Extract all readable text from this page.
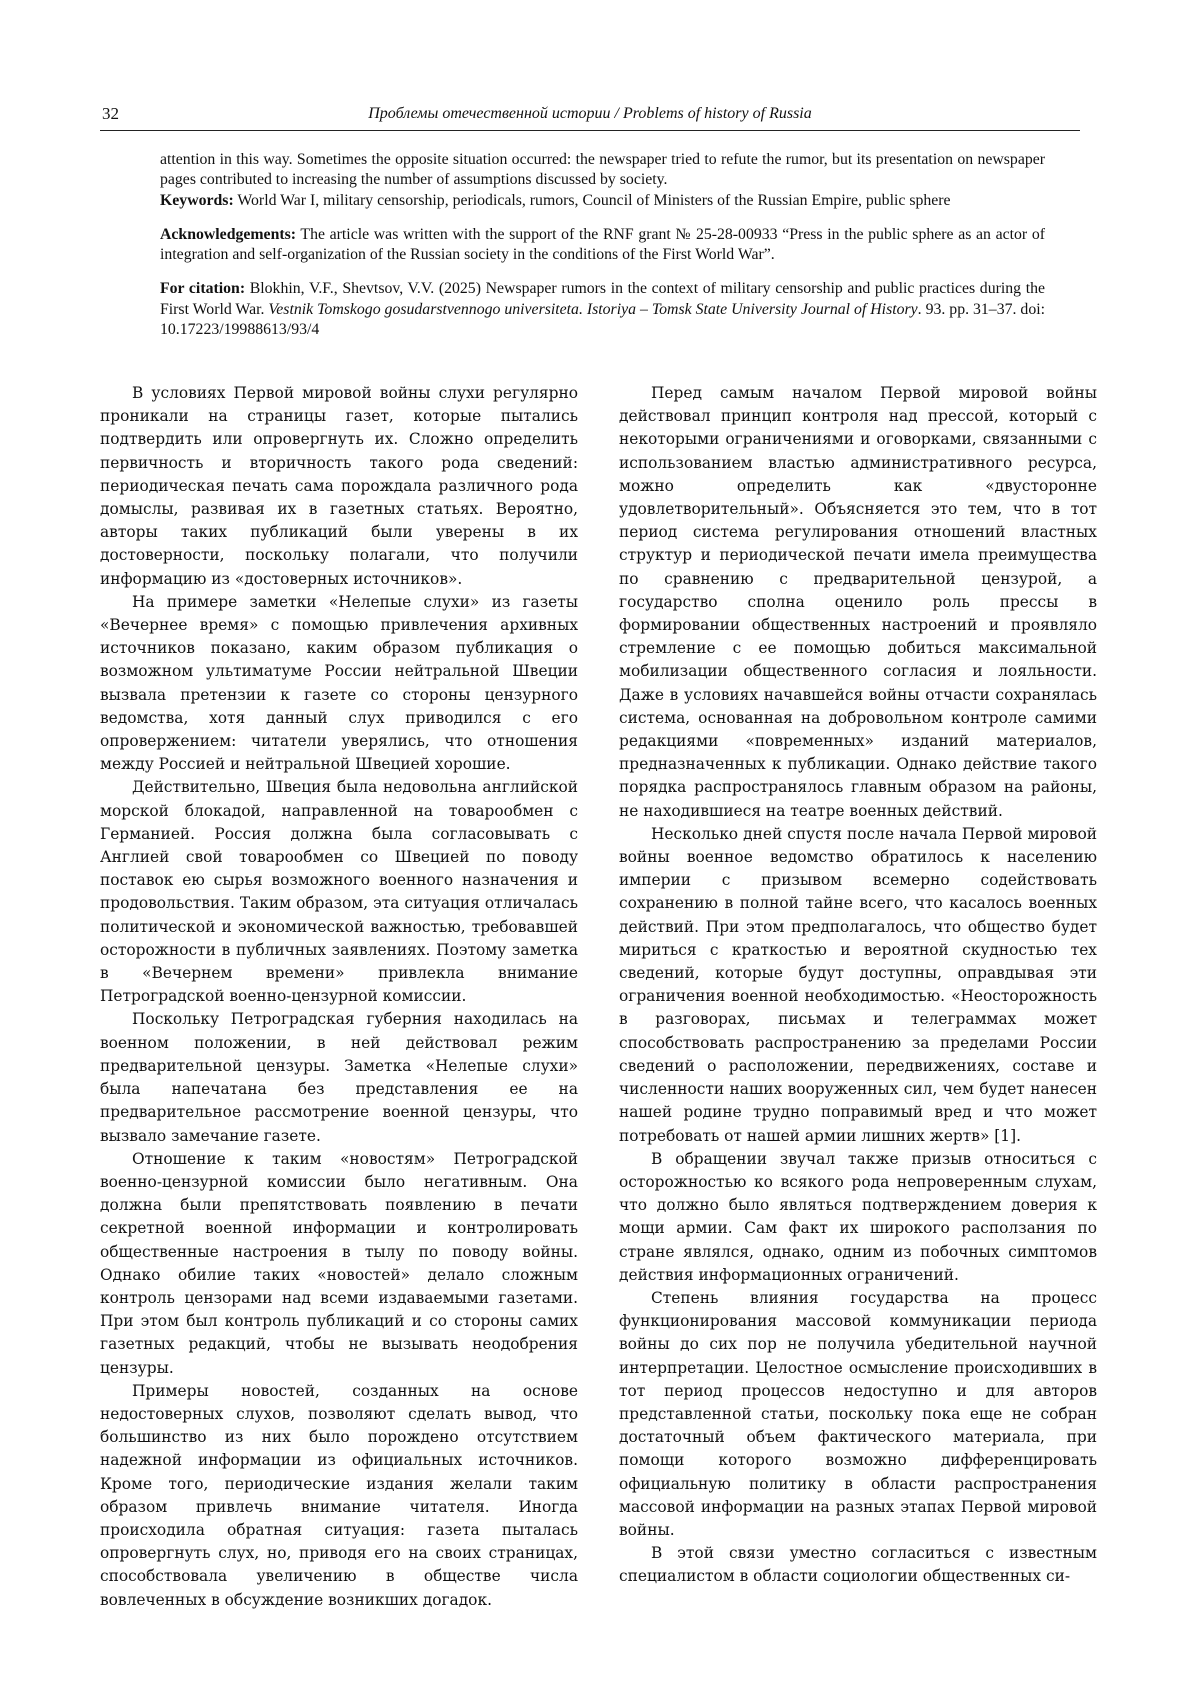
32	Проблемы отечественной истории / Problems of history of Russia

attention in this way. Sometimes the opposite situation occurred: the newspaper tried to refute the rumor, but its presentation on newspaper pages contributed to increasing the number of assumptions discussed by society.

Keywords: World War I, military censorship, periodicals, rumors, Council of Ministers of the Russian Empire, public sphere

Acknowledgements: The article was written with the support of the RNF grant № 25-28-00933 “Press in the public sphere as an actor of integration and self-organization of the Russian society in the conditions of the First World War”.

For citation: Blokhin, V.F., Shevtsov, V.V. (2025) Newspaper rumors in the context of military censorship and public practices during the First World War. Vestnik Tomskogo gosudarstvennogo universiteta. Istoriya – Tomsk State University Journal of History. 93. pp. 31–37. doi: 10.17223/19988613/93/4

В условиях Первой мировой войны слухи регулярно проникали на страницы газет, которые пытались подтвердить или опровергнуть их. Сложно определить первичность и вторичность такого рода сведений: периодическая печать сама порождала различного рода домыслы, развивая их в газетных статьях. Вероятно, авторы таких публикаций были уверены в их достоверности, поскольку полагали, что получили информацию из «достоверных источников».

На примере заметки «Нелепые слухи» из газеты «Вечернее время» с помощью привлечения архивных источников показано, каким образом публикация о возможном ультиматуме России нейтральной Швеции вызвала претензии к газете со стороны цензурного ведомства, хотя данный слух приводился с его опровержением: читатели уверялись, что отношения между Россией и нейтральной Швецией хорошие.

Действительно, Швеция была недовольна английской морской блокадой, направленной на товарообмен с Германией. Россия должна была согласовывать с Англией свой товарообмен со Швецией по поводу поставок ею сырья возможного военного назначения и продовольствия. Таким образом, эта ситуация отличалась политической и экономической важностью, требовавшей осторожности в публичных заявлениях. Поэтому заметка в «Вечернем времени» привлекла внимание Петроградской военно-цензурной комиссии.

Поскольку Петроградская губерния находилась на военном положении, в ней действовал режим предварительной цензуры. Заметка «Нелепые слухи» была напечатана без представления ее на предварительное рассмотрение военной цензуры, что вызвало замечание газете.

Отношение к таким «новостям» Петроградской военно-цензурной комиссии было негативным. Она должна были препятствовать появлению в печати секретной военной информации и контролировать общественные настроения в тылу по поводу войны. Однако обилие таких «новостей» делало сложным контроль цензорами над всеми издаваемыми газетами. При этом был контроль публикаций и со стороны самих газетных редакций, чтобы не вызывать неодобрения цензуры.

Примеры новостей, созданных на основе недостоверных слухов, позволяют сделать вывод, что большинство из них было порождено отсутствием надежной информации из официальных источников. Кроме того, периодические издания желали таким образом привлечь внимание читателя. Иногда происходила обратная ситуация: газета пыталась опровергнуть слух, но, приводя его на своих страницах, способствовала увеличению в обществе числа вовлеченных в обсуждение возникших догадок.

Перед самым началом Первой мировой войны действовал принцип контроля над прессой, который с некоторыми ограничениями и оговорками, связанными с использованием властью административного ресурса, можно определить как «двусторонне удовлетворительный». Объясняется это тем, что в тот период система регулирования отношений властных структур и периодической печати имела преимущества по сравнению с предварительной цензурой, а государство сполна оценило роль прессы в формировании общественных настроений и проявляло стремление с ее помощью добиться максимальной мобилизации общественного согласия и лояльности. Даже в условиях начавшейся войны отчасти сохранялась система, основанная на добровольном контроле самими редакциями «повременных» изданий материалов, предназначенных к публикации. Однако действие такого порядка распространялось главным образом на районы, не находившиеся на театре военных действий.

Несколько дней спустя после начала Первой мировой войны военное ведомство обратилось к населению империи с призывом всемерно содействовать сохранению в полной тайне всего, что касалось военных действий. При этом предполагалось, что общество будет мириться с краткостью и вероятной скудностью тех сведений, которые будут доступны, оправдывая эти ограничения военной необходимостью. «Неосторожность в разговорах, письмах и телеграммах может способствовать распространению за пределами России сведений о расположении, передвижениях, составе и численности наших вооруженных сил, чем будет нанесен нашей родине трудно поправимый вред и что может потребовать от нашей армии лишних жертв» [1].

В обращении звучал также призыв относиться с осторожностью ко всякого рода непроверенным слухам, что должно было являться подтверждением доверия к мощи армии. Сам факт их широкого расползания по стране являлся, однако, одним из побочных симптомов действия информационных ограничений.

Степень влияния государства на процесс функционирования массовой коммуникации периода войны до сих пор не получила убедительной научной интерпретации. Целостное осмысление происходивших в тот период процессов недоступно и для авторов представленной статьи, поскольку пока еще не собран достаточный объем фактического материала, при помощи которого возможно дифференцировать официальную политику в области распространения массовой информации на разных этапах Первой мировой войны.

В этой связи уместно согласиться с известным специалистом в области социологии общественных си-
